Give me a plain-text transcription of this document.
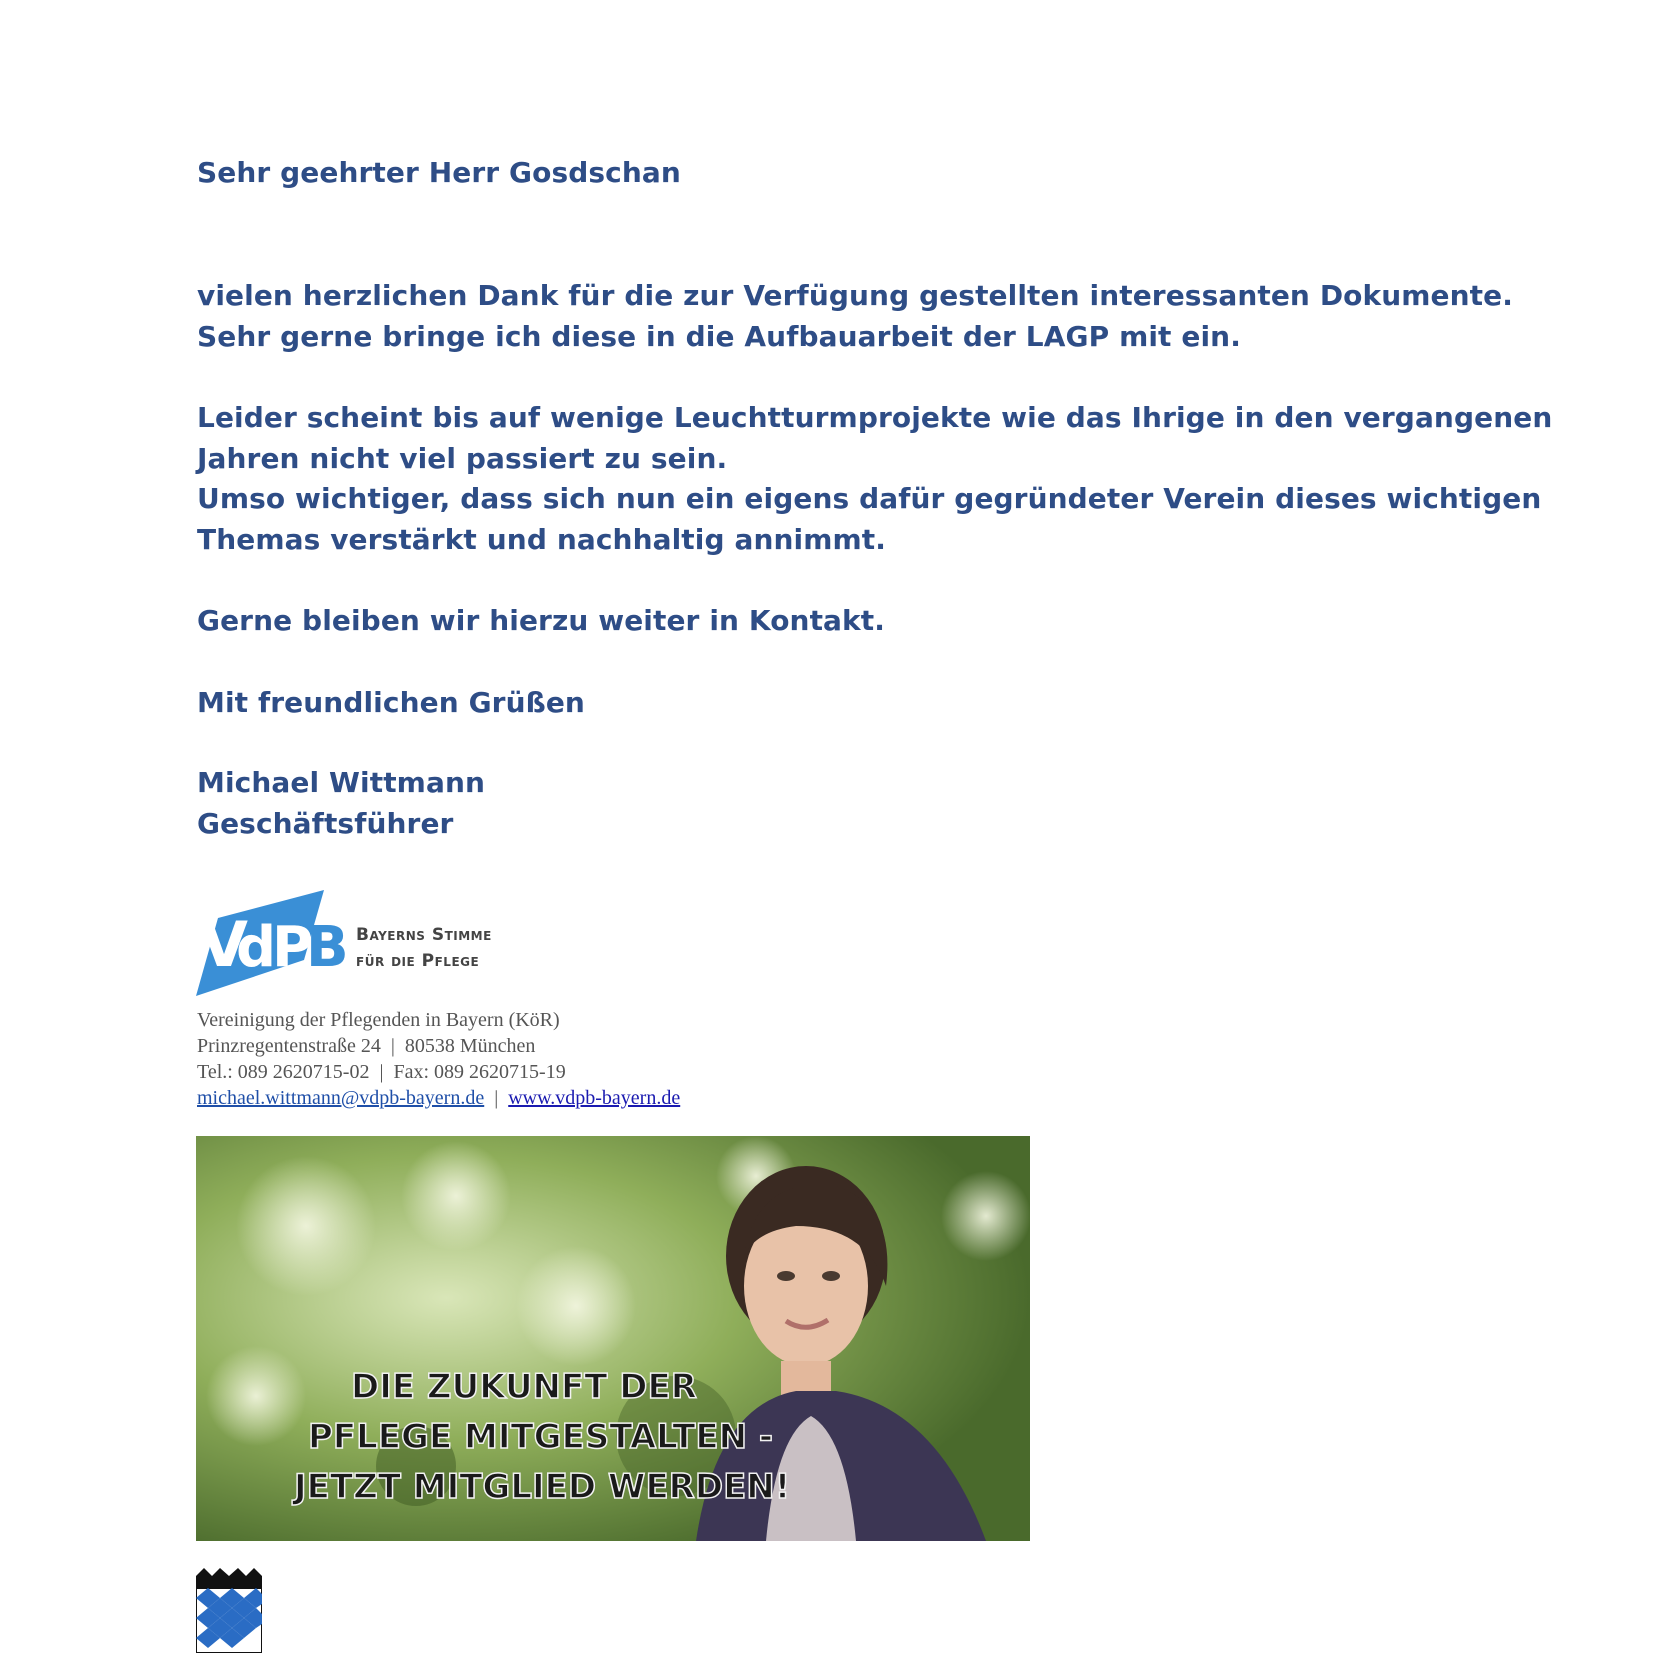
Sehr geehrter Herr Gosdschan
vielen herzlichen Dank für die zur Verfügung gestellten interessanten Dokumente.
Sehr gerne bringe ich diese in die Aufbauarbeit der LAGP mit ein.
Leider scheint bis auf wenige Leuchtturmprojekte wie das Ihrige in den vergangenen
Jahren nicht viel passiert zu sein.
Umso wichtiger, dass sich nun ein eigens dafür gegründeter Verein dieses wichtigen
Themas verstärkt und nachhaltig annimmt.
Gerne bleiben wir hierzu weiter in Kontakt.
Mit freundlichen Grüßen
Michael Wittmann
Geschäftsführer
V
d
P
B Bayerns Stimme
für die Pflege
Vereinigung der Pflegenden in Bayern (KöR)
Prinzregentenstraße 24 | 80538 München
Tel.: 089 2620715-02 | Fax: 089 2620715-19
michael.wittmann@vdpb-bayern.de | www.vdpb-bayern.de
DIE ZUKUNFT DER
PFLEGE MITGESTALTEN -
JETZT MITGLIED WERDEN!
